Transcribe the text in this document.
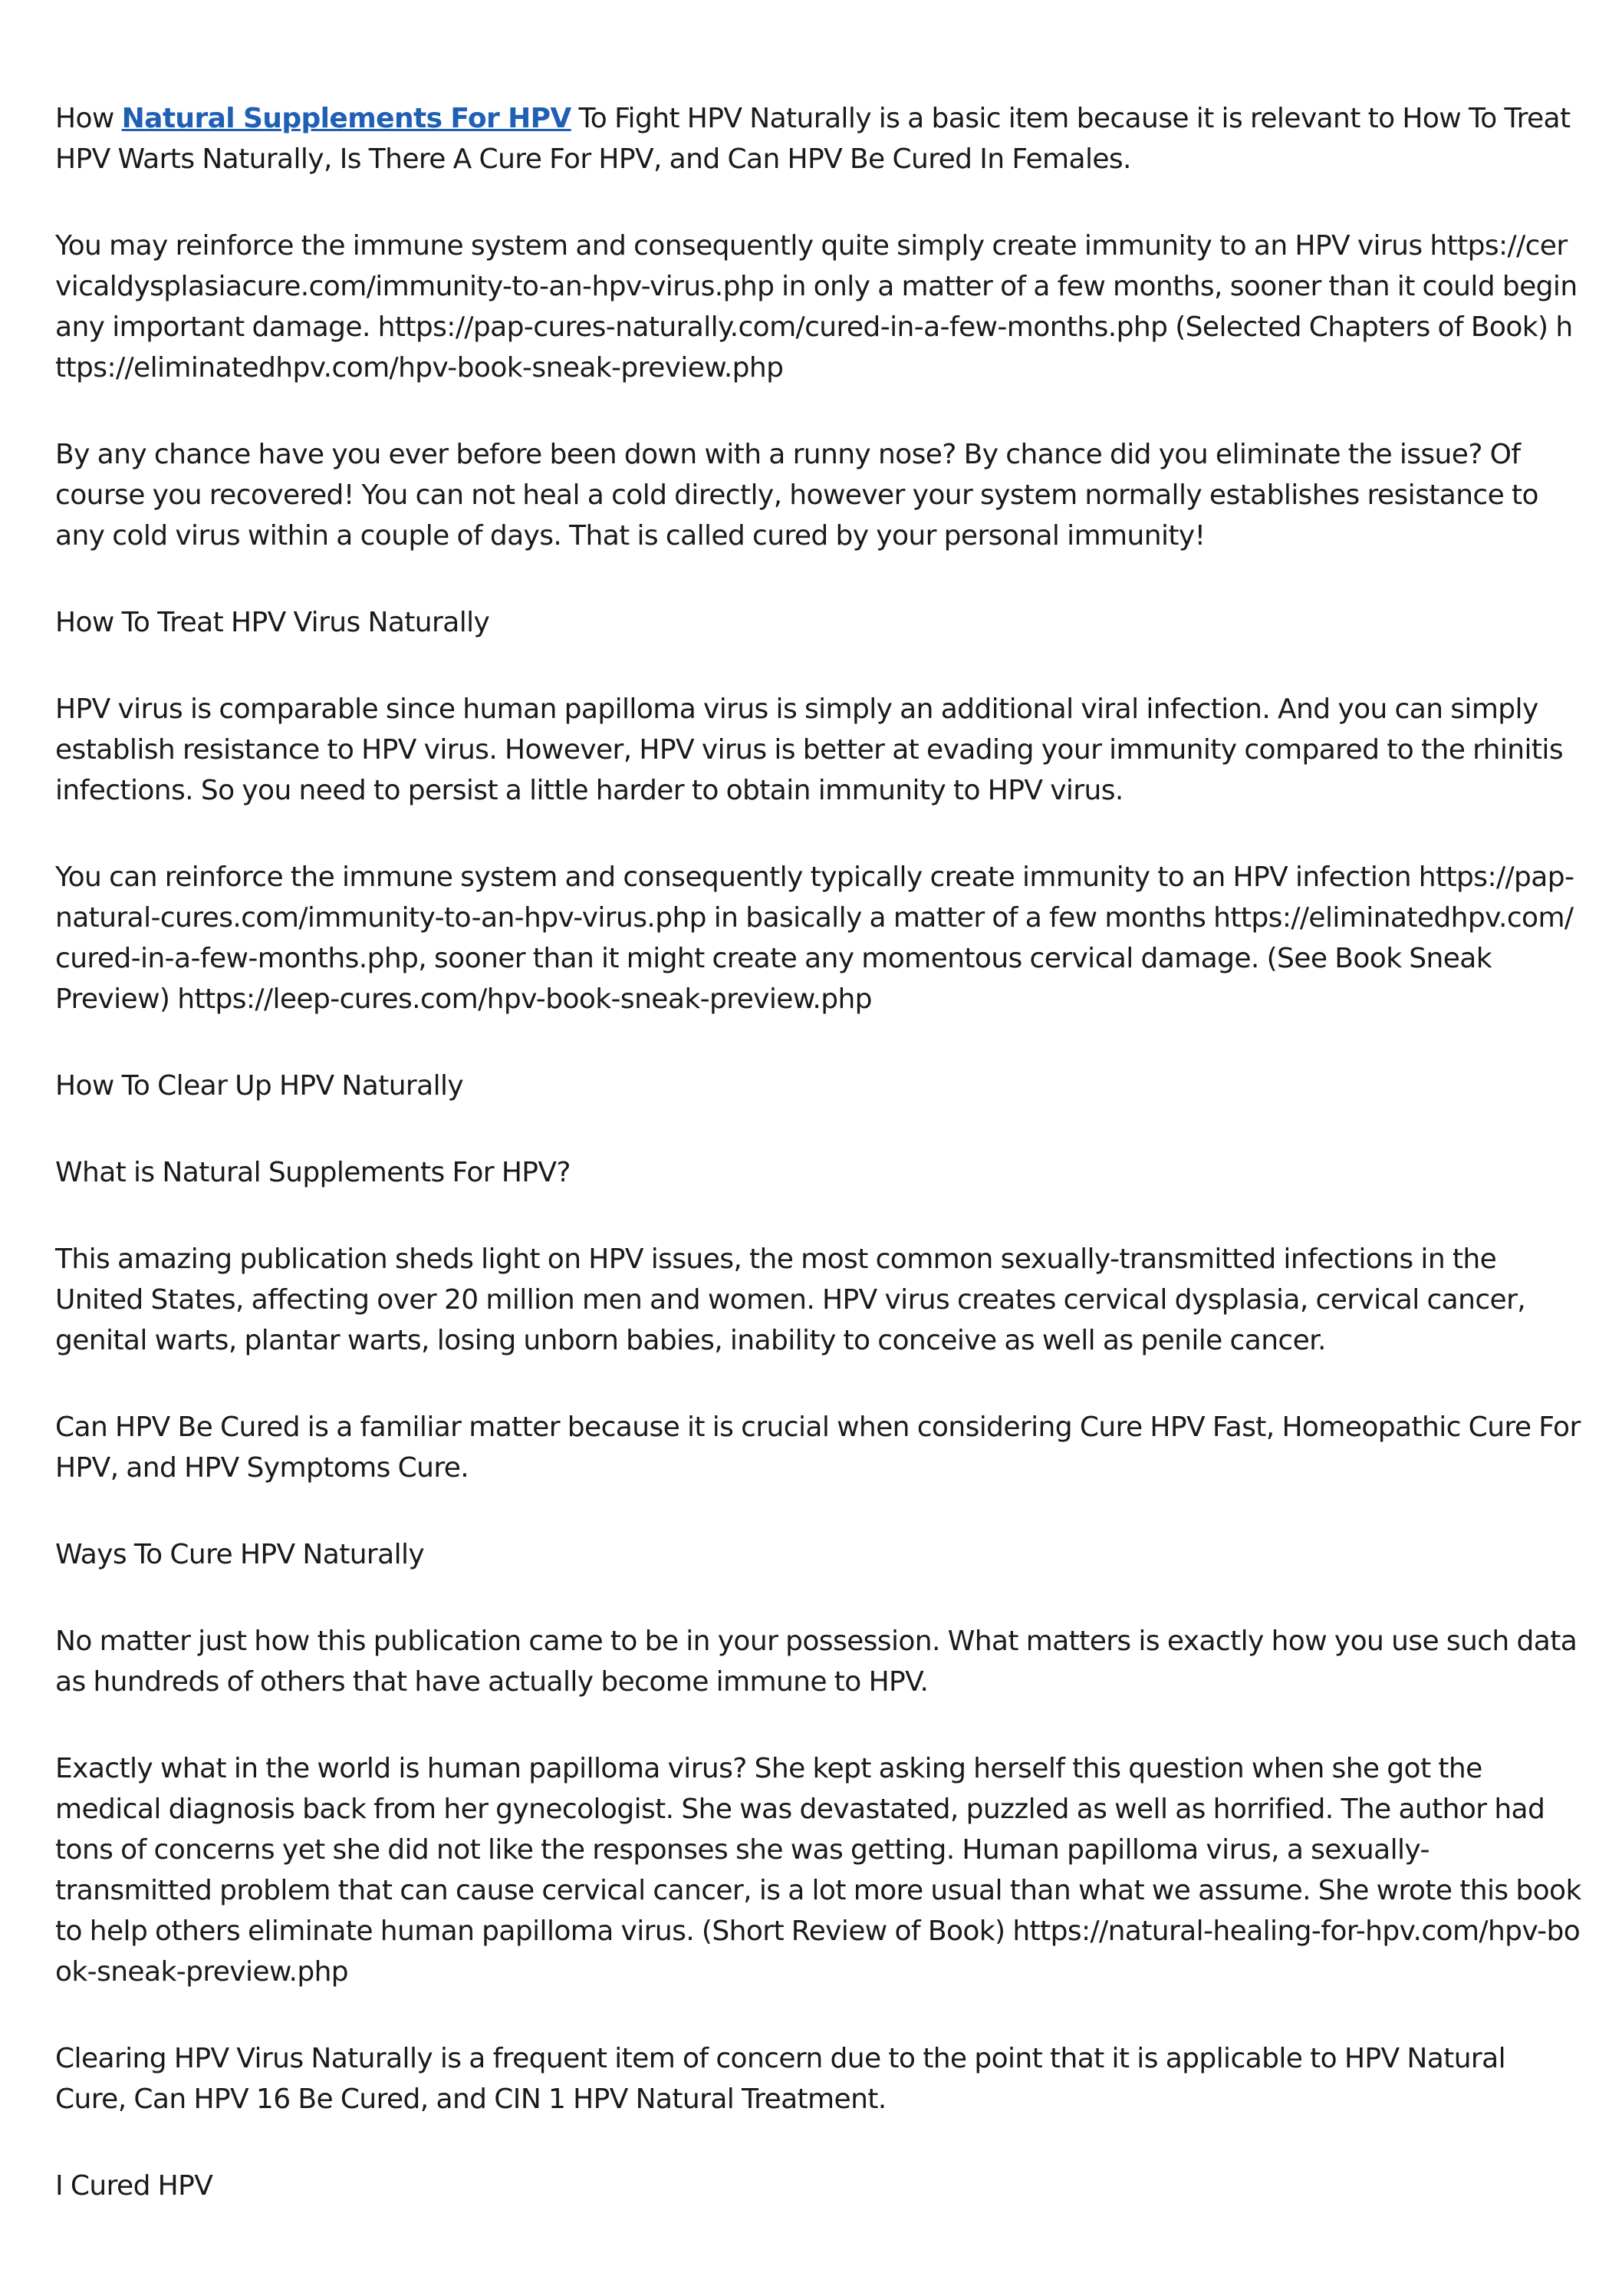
How Natural Supplements For HPV To Fight HPV Naturally is a basic item because it is relevant to How To Treat HPV Warts Naturally, Is There A Cure For HPV, and Can HPV Be Cured In Females.

You may reinforce the immune system and consequently quite simply create immunity to an HPV virus https://cervicaldysplasiacure.com/immunity-to-an-hpv-virus.php in only a matter of a few months, sooner than it could begin any important damage. https://pap-cures-naturally.com/cured-in-a-few-months.php (Selected Chapters of Book) https://eliminatedhpv.com/hpv-book-sneak-preview.php

By any chance have you ever before been down with a runny nose? By chance did you eliminate the issue? Of course you recovered! You can not heal a cold directly, however your system normally establishes resistance to any cold virus within a couple of days. That is called cured by your personal immunity!

How To Treat HPV Virus Naturally

HPV virus is comparable since human papilloma virus is simply an additional viral infection. And you can simply establish resistance to HPV virus. However, HPV virus is better at evading your immunity compared to the rhinitis infections. So you need to persist a little harder to obtain immunity to HPV virus.

You can reinforce the immune system and consequently typically create immunity to an HPV infection https://pap-natural-cures.com/immunity-to-an-hpv-virus.php in basically a matter of a few months https://eliminatedhpv.com/cured-in-a-few-months.php, sooner than it might create any momentous cervical damage. (See Book Sneak Preview) https://leep-cures.com/hpv-book-sneak-preview.php

How To Clear Up HPV Naturally

What is Natural Supplements For HPV?

This amazing publication sheds light on HPV issues, the most common sexually-transmitted infections in the United States, affecting over 20 million men and women. HPV virus creates cervical dysplasia, cervical cancer, genital warts, plantar warts, losing unborn babies, inability to conceive as well as penile cancer.

Can HPV Be Cured is a familiar matter because it is crucial when considering Cure HPV Fast, Homeopathic Cure For HPV, and HPV Symptoms Cure.

Ways To Cure HPV Naturally

No matter just how this publication came to be in your possession. What matters is exactly how you use such data as hundreds of others that have actually become immune to HPV.

Exactly what in the world is human papilloma virus? She kept asking herself this question when she got the medical diagnosis back from her gynecologist. She was devastated, puzzled as well as horrified. The author had tons of concerns yet she did not like the responses she was getting. Human papilloma virus, a sexually-transmitted problem that can cause cervical cancer, is a lot more usual than what we assume. She wrote this book to help others eliminate human papilloma virus. (Short Review of Book) https://natural-healing-for-hpv.com/hpv-book-sneak-preview.php

Clearing HPV Virus Naturally is a frequent item of concern due to the point that it is applicable to HPV Natural Cure, Can HPV 16 Be Cured, and CIN 1 HPV Natural Treatment.

I Cured HPV
